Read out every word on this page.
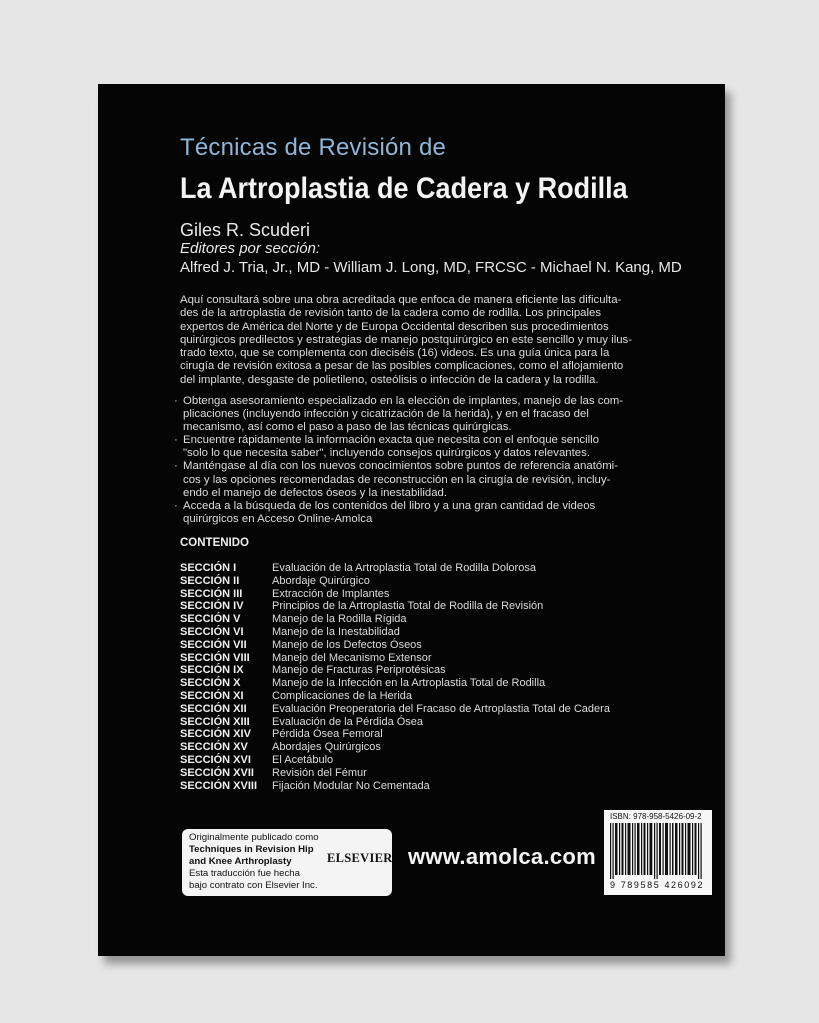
Técnicas de Revisión de
La Artroplastia de Cadera y Rodilla
Giles R. Scuderi
Editores por sección:
Alfred J. Tria, Jr., MD - William J. Long, MD, FRCSC - Michael N. Kang, MD
Aquí consultará sobre una obra acreditada que enfoca de manera eficiente las dificulta-
des de la artroplastia de revisión tanto de la cadera como de rodilla. Los principales
expertos de América del Norte y de Europa Occidental describen sus procedimientos
quirúrgicos predilectos y estrategias de manejo postquirúrgico en este sencillo y muy ilus-
trado texto, que se complementa con dieciséis (16) videos. Es una guía única para la
cirugía de revisión exitosa a pesar de las posibles complicaciones, como el aflojamiento
del implante, desgaste de polietileno, osteólisis o infección de la cadera y la rodilla.
· Obtenga asesoramiento especializado en la elección de implantes, manejo de las com-
plicaciones (incluyendo infección y cicatrización de la herida), y en el fracaso del
mecanismo, así como el paso a paso de las técnicas quirúrgicas.
· Encuentre rápidamente la información exacta que necesita con el enfoque sencillo
"solo lo que necesita saber", incluyendo consejos quirúrgicos y datos relevantes.
· Manténgase al día con los nuevos conocimientos sobre puntos de referencia anatómi-
cos y las opciones recomendadas de reconstrucción en la cirugía de revisión, incluy-
endo el manejo de defectos óseos y la inestabilidad.
· Acceda a la búsqueda de los contenidos del libro y a una gran cantidad de videos
quirúrgicos en Acceso Online-Amolca
CONTENIDO
SECCIÓN I	Evaluación de la Artroplastia Total de Rodilla Dolorosa
SECCIÓN II	Abordaje Quirúrgico
SECCIÓN III	Extracción de Implantes
SECCIÓN IV	Principios de la Artroplastia Total de Rodilla de Revisión
SECCIÓN V	Manejo de la Rodilla Rígida
SECCIÓN VI	Manejo de la Inestabilidad
SECCIÓN VII	Manejo de los Defectos Óseos
SECCIÓN VIII	Manejo del Mecanismo Extensor
SECCIÓN IX	Manejo de Fracturas Periprotésicas
SECCIÓN X	Manejo de la Infección en la Artroplastia Total de Rodilla
SECCIÓN XI	Complicaciones de la Herida
SECCIÓN XII	Evaluación Preoperatoria del Fracaso de Artroplastia Total de Cadera
SECCIÓN XIII	Evaluación de la Pérdida Ósea
SECCIÓN XIV	Pérdida Ósea Femoral
SECCIÓN XV	Abordajes Quirúrgicos
SECCIÓN XVI	El Acetábulo
SECCIÓN XVII	Revisión del Fémur
SECCIÓN XVIII	Fijación Modular No Cementada
Originalmente publicado como
Techniques in Revision Hip
and Knee Arthroplasty
Esta traducción fue hecha
bajo contrato con Elsevier Inc.
ELSEVIER www.amolca.com
ISBN: 978-958-5426-09-2
9 789585 426092
